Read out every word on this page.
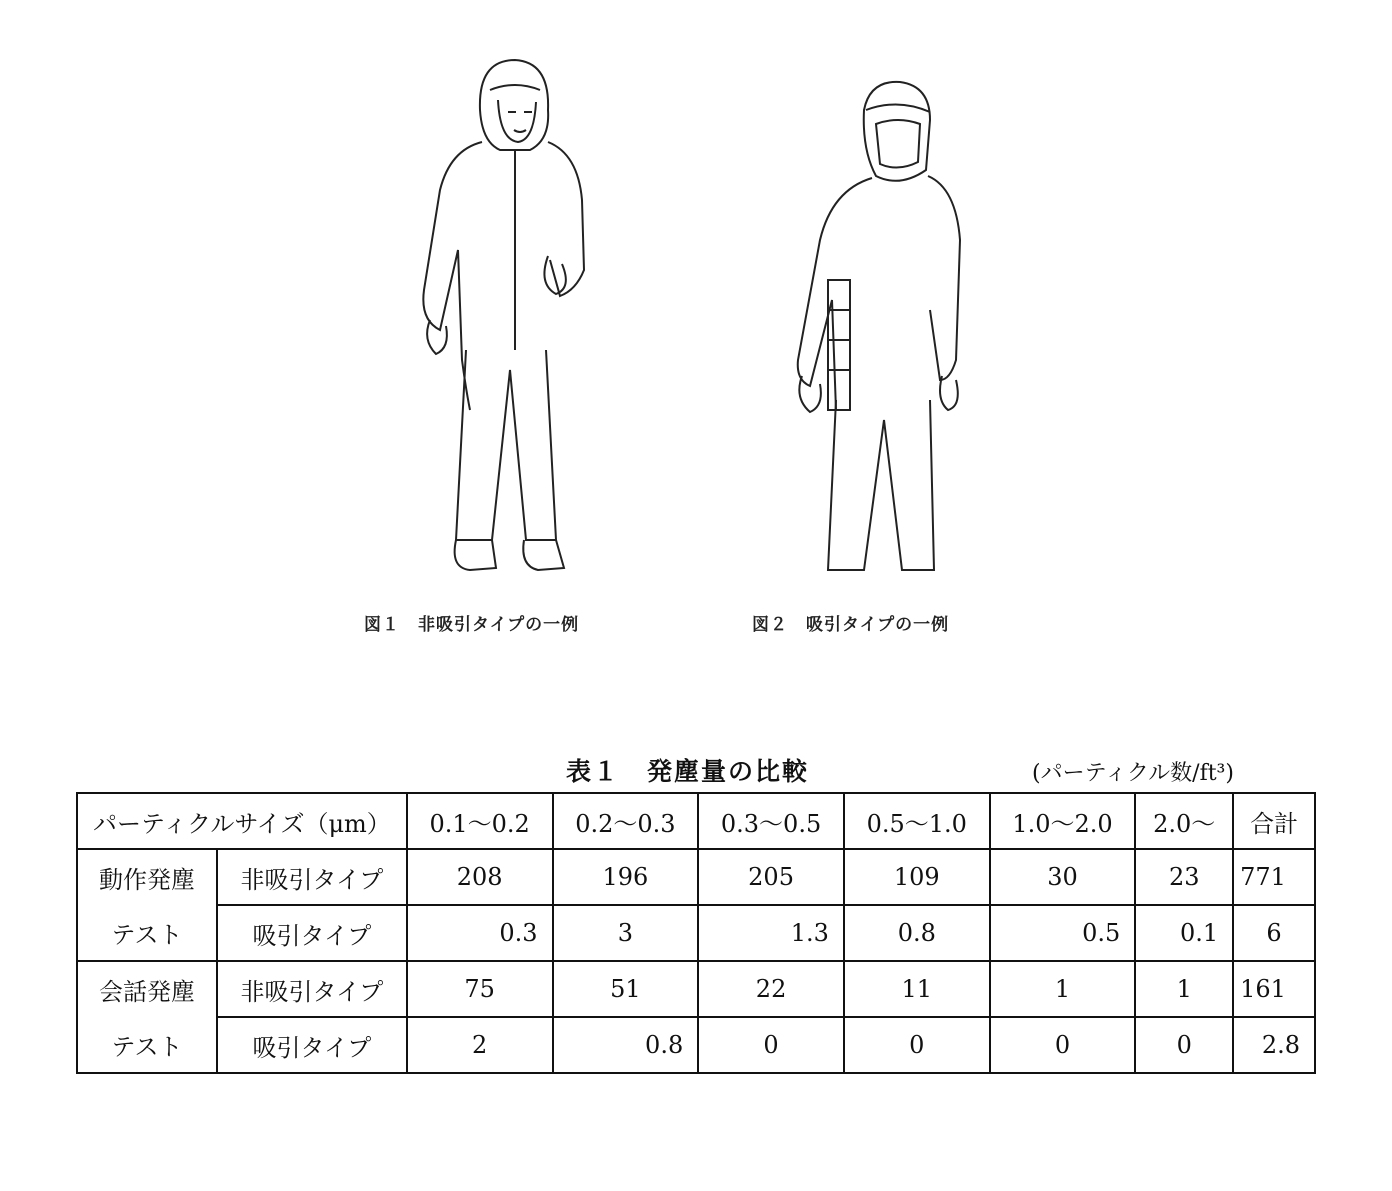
図１　非吸引タイプの一例	図２　吸引タイプの一例
表１　発塵量の比較	(パーティクル数/ft³)
パーティクルサイズ（μm）		0.1～0.2	0.2～0.3	0.3～0.5	0.5～1.0	1.0～2.0	2.0～	合計
動作発塵	非吸引タイプ	208	196	205	109	30	23	771
テスト	吸引タイプ	0.3	3	1.3	0.8	0.5	0.1	6
会話発塵	非吸引タイプ	75	51	22	11	1	1	161
テスト	吸引タイプ	2	0.8	0	0	0	0	2.8
